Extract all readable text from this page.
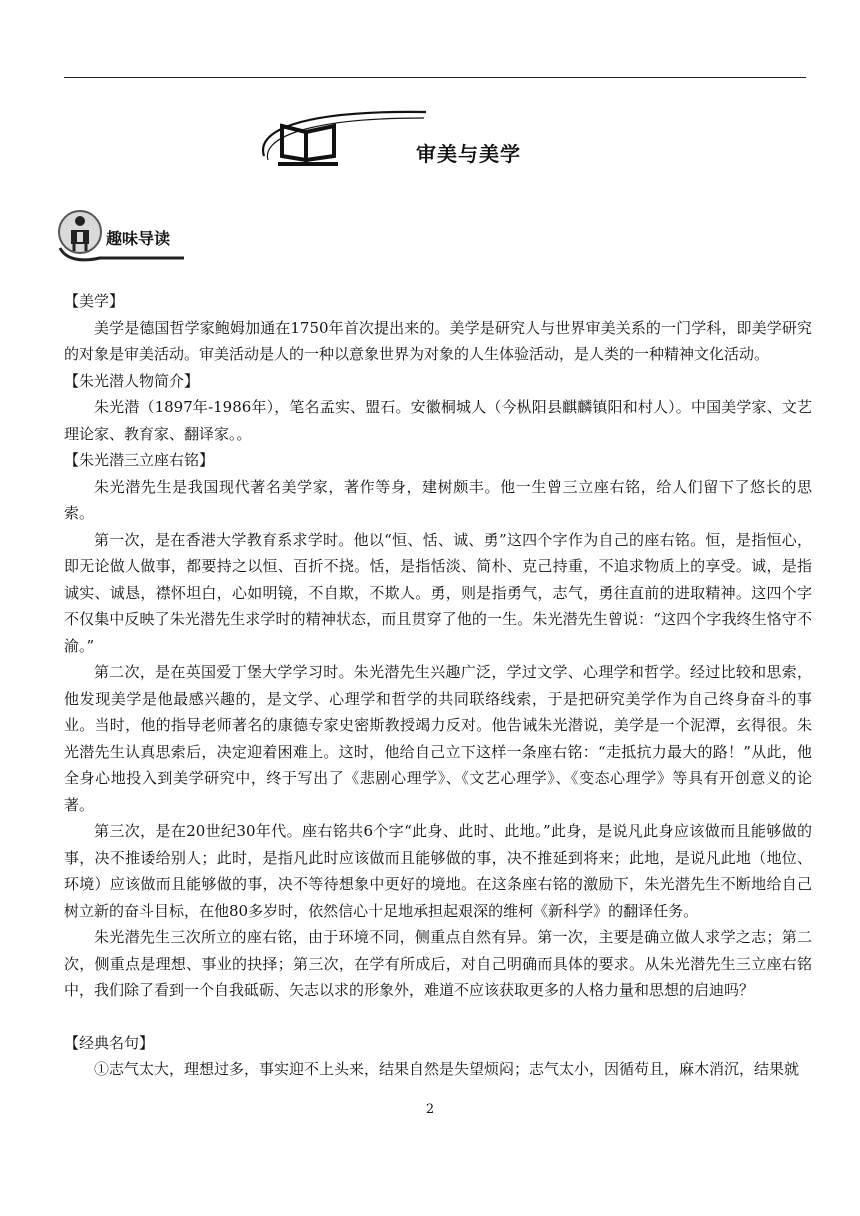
审美与美学
趣味导读

【美学】

美学是德国哲学家鲍姆加通在1750年首次提出来的。美学是研究人与世界审美关系的一门学科，即美学研究的对象是审美活动。审美活动是人的一种以意象世界为对象的人生体验活动，是人类的一种精神文化活动。

【朱光潜人物简介】

朱光潜（1897年-1986年），笔名孟实、盟石。安徽桐城人（今枞阳县麒麟镇阳和村人）。中国美学家、文艺理论家、教育家、翻译家。。

【朱光潜三立座右铭】

朱光潜先生是我国现代著名美学家，著作等身，建树颇丰。他一生曾三立座右铭，给人们留下了悠长的思索。

第一次，是在香港大学教育系求学时。他以“恒、恬、诚、勇”这四个字作为自己的座右铭。恒，是指恒心，即无论做人做事，都要持之以恒、百折不挠。恬，是指恬淡、简朴、克己持重，不追求物质上的享受。诚，是指诚实、诚恳，襟怀坦白，心如明镜，不自欺，不欺人。勇，则是指勇气，志气，勇往直前的进取精神。这四个字不仅集中反映了朱光潜先生求学时的精神状态，而且贯穿了他的一生。朱光潜先生曾说：“这四个字我终生恪守不渝。”

第二次，是在英国爱丁堡大学学习时。朱光潜先生兴趣广泛，学过文学、心理学和哲学。经过比较和思索，他发现美学是他最感兴趣的，是文学、心理学和哲学的共同联络线索，于是把研究美学作为自己终身奋斗的事业。当时，他的指导老师著名的康德专家史密斯教授竭力反对。他告诫朱光潜说，美学是一个泥潭，玄得很。朱光潜先生认真思索后，决定迎着困难上。这时，他给自己立下这样一条座右铭：“走抵抗力最大的路！”从此，他全身心地投入到美学研究中，终于写出了《悲剧心理学》、《文艺心理学》、《变态心理学》等具有开创意义的论著。

第三次，是在20世纪30年代。座右铭共6个字“此身、此时、此地。”此身，是说凡此身应该做而且能够做的事，决不推诿给别人；此时，是指凡此时应该做而且能够做的事，决不推延到将来；此地，是说凡此地（地位、环境）应该做而且能够做的事，决不等待想象中更好的境地。在这条座右铭的激励下，朱光潜先生不断地给自己树立新的奋斗目标，在他80多岁时，依然信心十足地承担起艰深的维柯《新科学》的翻译任务。

朱光潜先生三次所立的座右铭，由于环境不同，侧重点自然有异。第一次，主要是确立做人求学之志；第二次，侧重点是理想、事业的抉择；第三次，在学有所成后，对自己明确而具体的要求。从朱光潜先生三立座右铭中，我们除了看到一个自我砥砺、矢志以求的形象外，难道不应该获取更多的人格力量和思想的启迪吗？

【经典名句】

①志气太大，理想过多，事实迎不上头来，结果自然是失望烦闷；志气太小，因循苟且，麻木消沉，结果就

2
